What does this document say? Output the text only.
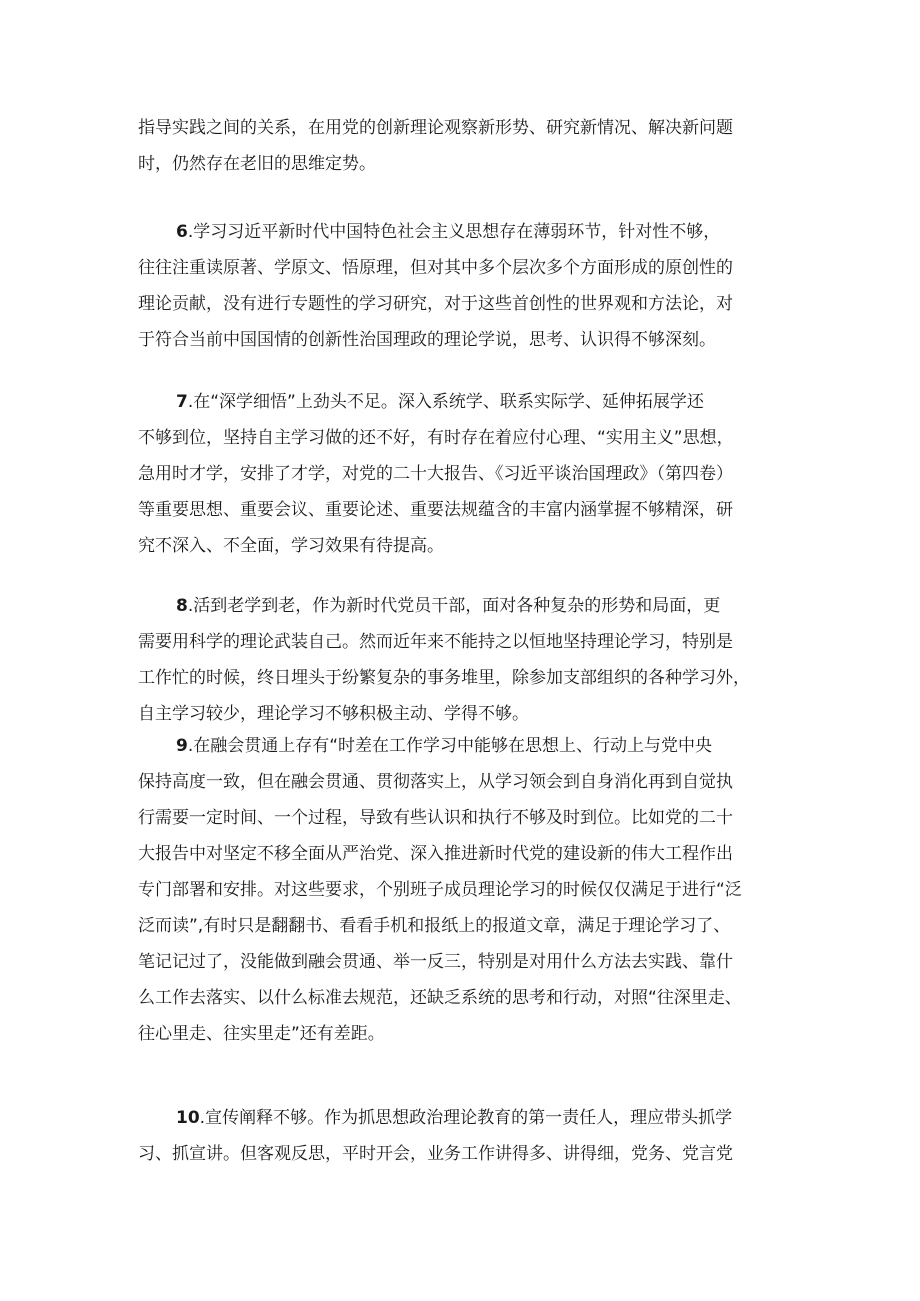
指导实践之间的关系，在用党的创新理论观察新形势、研究新情况、解决新问题
时，仍然存在老旧的思维定势。
6.学习习近平新时代中国特色社会主义思想存在薄弱环节，针对性不够，
往往注重读原著、学原文、悟原理，但对其中多个层次多个方面形成的原创性的
理论贡献，没有进行专题性的学习研究，对于这些首创性的世界观和方法论，对
于符合当前中国国情的创新性治国理政的理论学说，思考、认识得不够深刻。
7.在“深学细悟”上劲头不足。深入系统学、联系实际学、延伸拓展学还
不够到位，坚持自主学习做的还不好，有时存在着应付心理、“实用主义”思想，
急用时才学，安排了才学，对党的二十大报告、《习近平谈治国理政》（第四卷）
等重要思想、重要会议、重要论述、重要法规蕴含的丰富内涵掌握不够精深，研
究不深入、不全面，学习效果有待提高。
8.活到老学到老，作为新时代党员干部，面对各种复杂的形势和局面，更
需要用科学的理论武装自己。然而近年来不能持之以恒地坚持理论学习，特别是
工作忙的时候，终日埋头于纷繁复杂的事务堆里，除参加支部组织的各种学习外，
自主学习较少，理论学习不够积极主动、学得不够。
9.在融会贯通上存有“时差在工作学习中能够在思想上、行动上与党中央
保持高度一致，但在融会贯通、贯彻落实上，从学习领会到自身消化再到自觉执
行需要一定时间、一个过程，导致有些认识和执行不够及时到位。比如党的二十
大报告中对坚定不移全面从严治党、深入推进新时代党的建设新的伟大工程作出
专门部署和安排。对这些要求，个别班子成员理论学习的时候仅仅满足于进行“泛
泛而读”,有时只是翻翻书、看看手机和报纸上的报道文章，满足于理论学习了、
笔记记过了，没能做到融会贯通、举一反三，特别是对用什么方法去实践、靠什
么工作去落实、以什么标准去规范，还缺乏系统的思考和行动，对照“往深里走、
往心里走、往实里走”还有差距。
10.宣传阐释不够。作为抓思想政治理论教育的第一责任人，理应带头抓学
习、抓宣讲。但客观反思，平时开会，业务工作讲得多、讲得细，党务、党言党
